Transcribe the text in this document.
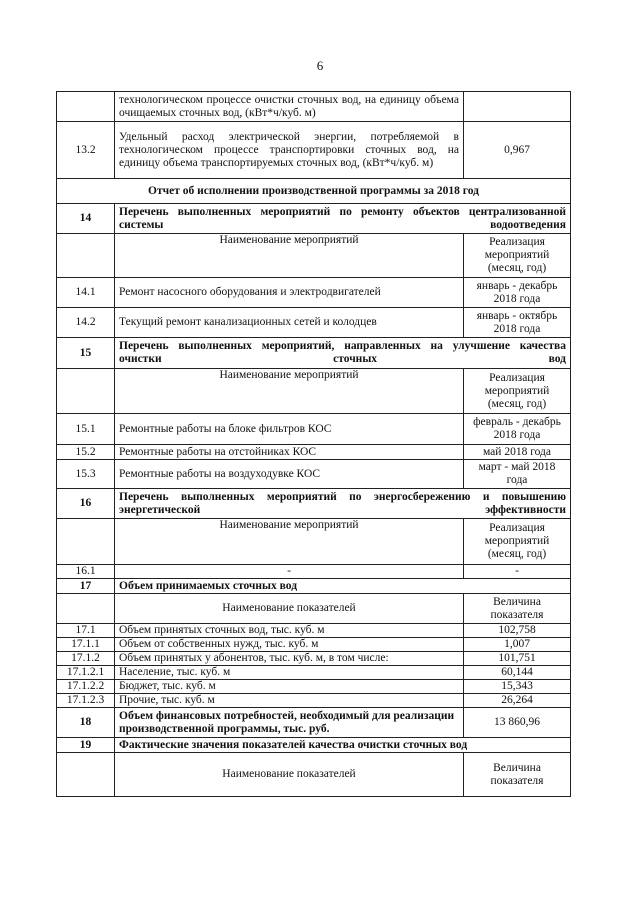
6
	технологическом процессе очистки сточных вод, на единицу объема очищаемых сточных вод, (кВт*ч/куб. м)	
13.2	Удельный расход электрической энергии, потребляемой в технологическом процессе транспортировки сточных вод, на единицу объема транспортируемых сточных вод, (кВт*ч/куб. м)	0,967
Отчет об исполнении производственной программы за 2018 год		
14	Перечень выполненных мероприятий по ремонту объектов централизованной системы водоотведения	
	Наименование мероприятий	Реализация мероприятий (месяц, год)
14.1	Ремонт насосного оборудования и электродвигателей	январь - декабрь 2018 года
14.2	Текущий ремонт канализационных сетей и колодцев	январь - октябрь 2018 года
15	Перечень выполненных мероприятий, направленных на улучшение качества очистки сточных вод	
	Наименование мероприятий	Реализация мероприятий (месяц, год)
15.1	Ремонтные работы на блоке фильтров КОС	февраль - декабрь 2018 года
15.2	Ремонтные работы на отстойниках КОС	май 2018 года
15.3	Ремонтные работы на воздуходувке КОС	март - май 2018 года
16	Перечень выполненных мероприятий по энергосбережению и повышению энергетической эффективности	
	Наименование мероприятий	Реализация мероприятий (месяц, год)
16.1	-	-
17	Объем принимаемых сточных вод	
	Наименование показателей	Величина показателя
17.1	Объем принятых сточных вод, тыс. куб. м	102,758
17.1.1	Объем от собственных нужд, тыс. куб. м	1,007
17.1.2	Объем принятых у абонентов, тыс. куб. м, в том числе:	101,751
17.1.2.1	Население, тыс. куб. м	60,144
17.1.2.2	Бюджет, тыс. куб. м	15,343
17.1.2.3	Прочие, тыс. куб. м	26,264
18	Объем финансовых потребностей, необходимый для реализации производственной программы, тыс. руб.	13 860,96
19	Фактические значения показателей качества очистки сточных вод	
	Наименование показателей	Величина показателя
